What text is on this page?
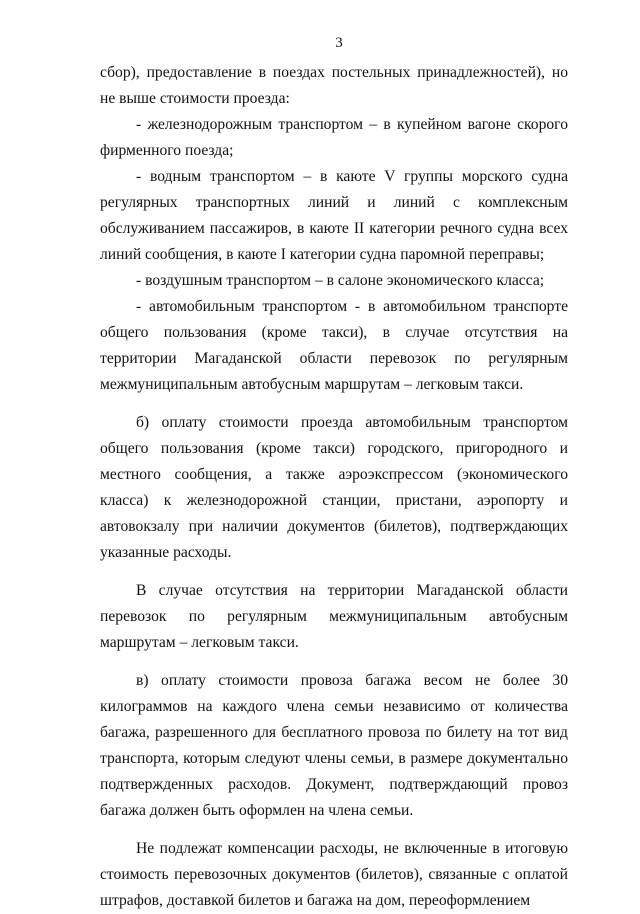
3

сбор), предоставление в поездах постельных принадлежностей), но не выше стоимости проезда:

- железнодорожным транспортом – в купейном вагоне скорого фирменного поезда;

- водным транспортом – в каюте V группы морского судна регулярных транспортных линий и линий с комплексным обслуживанием пассажиров, в каюте II категории речного судна всех линий сообщения, в каюте I категории судна паромной переправы;

- воздушным транспортом – в салоне экономического класса;

- автомобильным транспортом - в автомобильном транспорте общего пользования (кроме такси), в случае отсутствия на территории Магаданской области перевозок по регулярным межмуниципальным автобусным маршрутам – легковым такси.

б) оплату стоимости проезда автомобильным транспортом общего пользования (кроме такси) городского, пригородного и местного сообщения, а также аэроэкспрессом (экономического класса) к железнодорожной станции, пристани, аэропорту и автовокзалу при наличии документов (билетов), подтверждающих указанные расходы.

В случае отсутствия на территории Магаданской области перевозок по регулярным межмуниципальным автобусным маршрутам – легковым такси.

в) оплату стоимости провоза багажа весом не более 30 килограммов на каждого члена семьи независимо от количества багажа, разрешенного для бесплатного провоза по билету на тот вид транспорта, которым следуют члены семьи, в размере документально подтвержденных расходов. Документ, подтверждающий провоз багажа должен быть оформлен на члена семьи.

Не подлежат компенсации расходы, не включенные в итоговую стоимость перевозочных документов (билетов), связанные с оплатой штрафов, доставкой билетов и багажа на дом, переоформлением
